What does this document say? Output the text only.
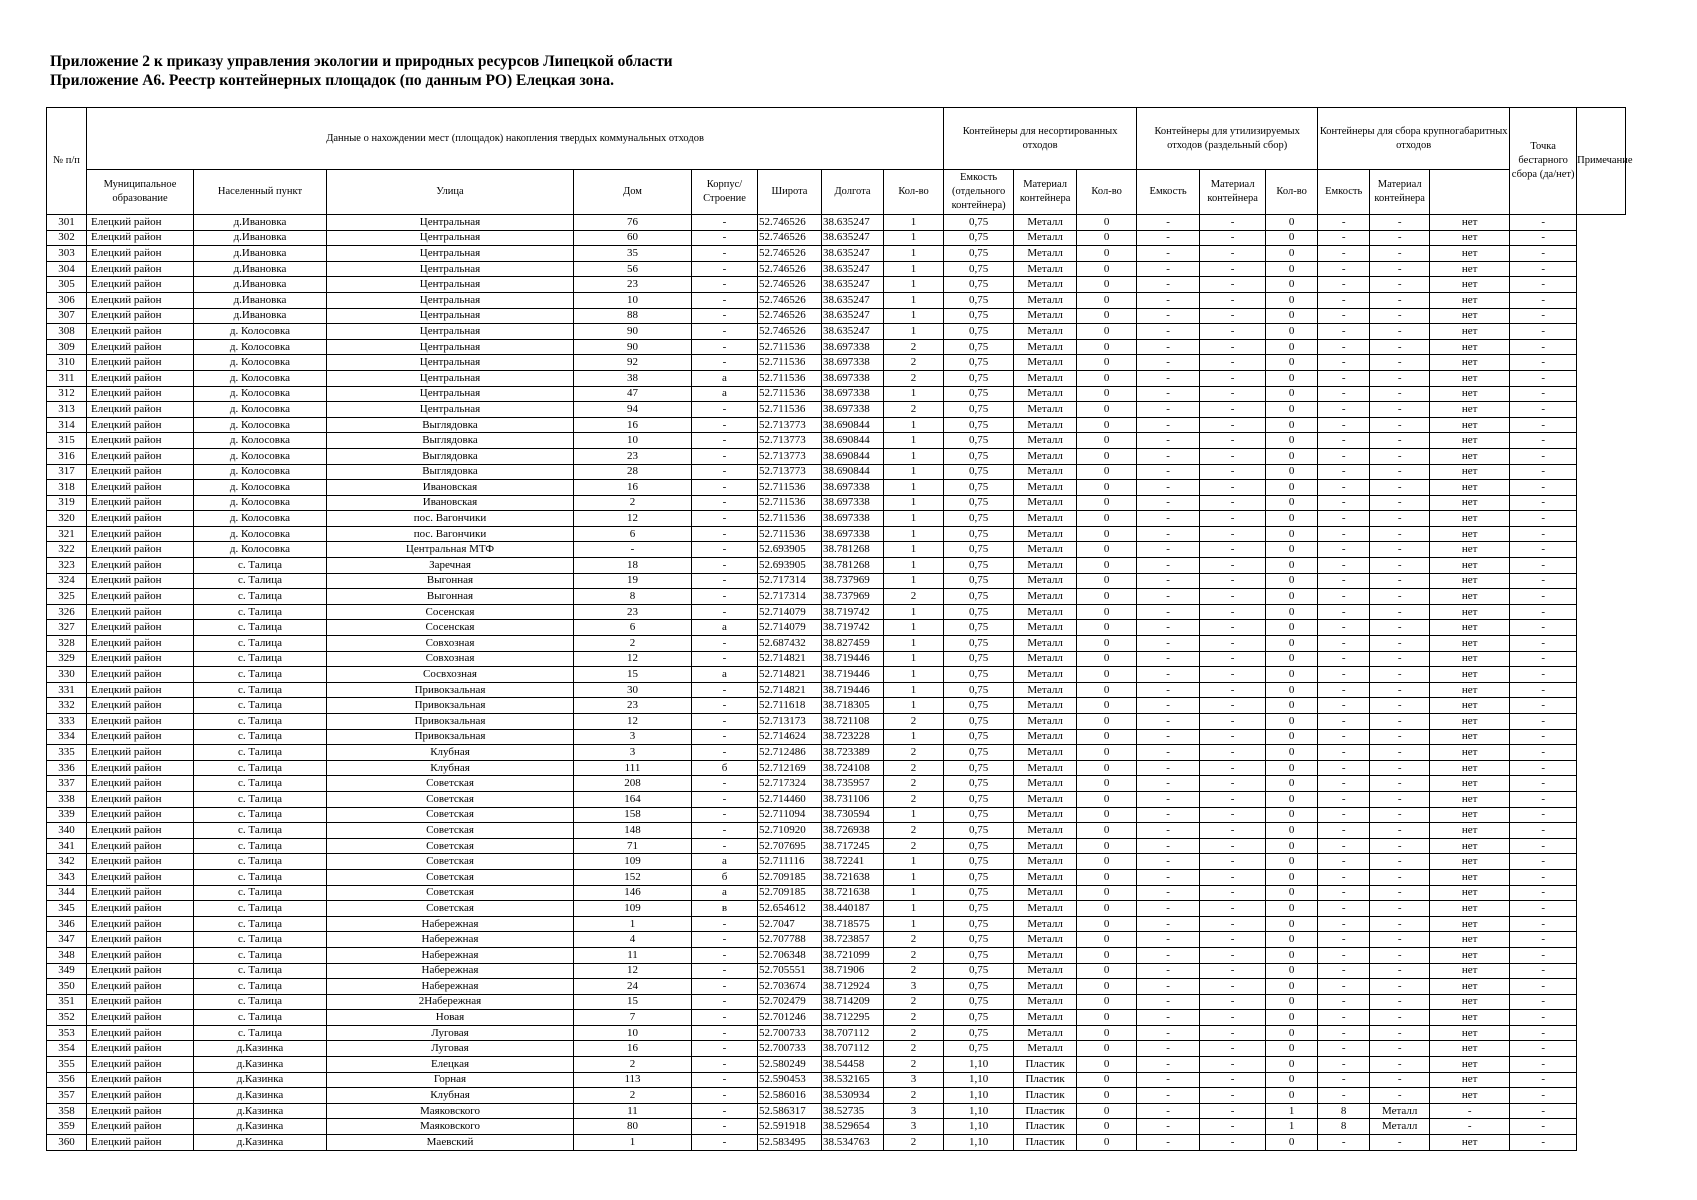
Приложение 2 к приказу управления экологии и природных ресурсов Липецкой области
Приложение А6. Реестр контейнерных площадок (по данным РО) Елецкая зона.
№ п/п	Данные о нахождении мест (площадок) накопления твердых коммунальных отходов								Контейнеры для несортированных отходов			Контейнеры для утилизируемых отходов (раздельный сбор)			Контейнеры для сбора крупногабаритных отходов			Точка бестарного сбора (да/нет)	Примечание
	Муниципальное образование	Населенный пункт	Улица	Дом	Корпус/ Строение	Широта	Долгота	Кол-во	Емкость (отдельного контейнера)	Материал контейнера	Кол-во	Емкость	Материал контейнера	Кол-во	Емкость	Материал контейнера			
301	Елецкий район	д.Ивановка	Центральная	76	-	52.746526	38.635247	1	0,75	Металл	0	-	-	0	-	-	нет	-	
302	Елецкий район	д.Ивановка	Центральная	60	-	52.746526	38.635247	1	0,75	Металл	0	-	-	0	-	-	нет	-	
303	Елецкий район	д.Ивановка	Центральная	35	-	52.746526	38.635247	1	0,75	Металл	0	-	-	0	-	-	нет	-	
304	Елецкий район	д.Ивановка	Центральная	56	-	52.746526	38.635247	1	0,75	Металл	0	-	-	0	-	-	нет	-	
305	Елецкий район	д.Ивановка	Центральная	23	-	52.746526	38.635247	1	0,75	Металл	0	-	-	0	-	-	нет	-	
306	Елецкий район	д.Ивановка	Центральная	10	-	52.746526	38.635247	1	0,75	Металл	0	-	-	0	-	-	нет	-	
307	Елецкий район	д.Ивановка	Центральная	88	-	52.746526	38.635247	1	0,75	Металл	0	-	-	0	-	-	нет	-	
308	Елецкий район	д. Колосовка	Центральная	90	-	52.746526	38.635247	1	0,75	Металл	0	-	-	0	-	-	нет	-	
309	Елецкий район	д. Колосовка	Центральная	90	-	52.711536	38.697338	2	0,75	Металл	0	-	-	0	-	-	нет	-	
310	Елецкий район	д. Колосовка	Центральная	92	-	52.711536	38.697338	2	0,75	Металл	0	-	-	0	-	-	нет	-	
311	Елецкий район	д. Колосовка	Центральная	38	а	52.711536	38.697338	2	0,75	Металл	0	-	-	0	-	-	нет	-	
312	Елецкий район	д. Колосовка	Центральная	47	а	52.711536	38.697338	1	0,75	Металл	0	-	-	0	-	-	нет	-	
313	Елецкий район	д. Колосовка	Центральная	94	-	52.711536	38.697338	2	0,75	Металл	0	-	-	0	-	-	нет	-	
314	Елецкий район	д. Колосовка	Выглядовка	16	-	52.713773	38.690844	1	0,75	Металл	0	-	-	0	-	-	нет	-	
315	Елецкий район	д. Колосовка	Выглядовка	10	-	52.713773	38.690844	1	0,75	Металл	0	-	-	0	-	-	нет	-	
316	Елецкий район	д. Колосовка	Выглядовка	23	-	52.713773	38.690844	1	0,75	Металл	0	-	-	0	-	-	нет	-	
317	Елецкий район	д. Колосовка	Выглядовка	28	-	52.713773	38.690844	1	0,75	Металл	0	-	-	0	-	-	нет	-	
318	Елецкий район	д. Колосовка	Ивановская	16	-	52.711536	38.697338	1	0,75	Металл	0	-	-	0	-	-	нет	-	
319	Елецкий район	д. Колосовка	Ивановская	2	-	52.711536	38.697338	1	0,75	Металл	0	-	-	0	-	-	нет	-	
320	Елецкий район	д. Колосовка	пос. Вагончики	12	-	52.711536	38.697338	1	0,75	Металл	0	-	-	0	-	-	нет	-	
321	Елецкий район	д. Колосовка	пос. Вагончики	6	-	52.711536	38.697338	1	0,75	Металл	0	-	-	0	-	-	нет	-	
322	Елецкий район	д. Колосовка	Центральная МТФ	-	-	52.693905	38.781268	1	0,75	Металл	0	-	-	0	-	-	нет	-	
323	Елецкий район	с. Талица	Заречная	18	-	52.693905	38.781268	1	0,75	Металл	0	-	-	0	-	-	нет	-	
324	Елецкий район	с. Талица	Выгонная	19	-	52.717314	38.737969	1	0,75	Металл	0	-	-	0	-	-	нет	-	
325	Елецкий район	с. Талица	Выгонная	8	-	52.717314	38.737969	2	0,75	Металл	0	-	-	0	-	-	нет	-	
326	Елецкий район	с. Талица	Сосенская	23	-	52.714079	38.719742	1	0,75	Металл	0	-	-	0	-	-	нет	-	
327	Елецкий район	с. Талица	Сосенская	6	а	52.714079	38.719742	1	0,75	Металл	0	-	-	0	-	-	нет	-	
328	Елецкий район	с. Талица	Совхозная	2	-	52.687432	38.827459	1	0,75	Металл	0	-	-	0	-	-	нет	-	
329	Елецкий район	с. Талица	Совхозная	12	-	52.714821	38.719446	1	0,75	Металл	0	-	-	0	-	-	нет	-	
330	Елецкий район	с. Талица	Сосвхозная	15	а	52.714821	38.719446	1	0,75	Металл	0	-	-	0	-	-	нет	-	
331	Елецкий район	с. Талица	Привокзальная	30	-	52.714821	38.719446	1	0,75	Металл	0	-	-	0	-	-	нет	-	
332	Елецкий район	с. Талица	Привокзальная	23	-	52.711618	38.718305	1	0,75	Металл	0	-	-	0	-	-	нет	-	
333	Елецкий район	с. Талица	Привокзальная	12	-	52.713173	38.721108	2	0,75	Металл	0	-	-	0	-	-	нет	-	
334	Елецкий район	с. Талица	Привокзальная	3	-	52.714624	38.723228	1	0,75	Металл	0	-	-	0	-	-	нет	-	
335	Елецкий район	с. Талица	Клубная	3	-	52.712486	38.723389	2	0,75	Металл	0	-	-	0	-	-	нет	-	
336	Елецкий район	с. Талица	Клубная	111	б	52.712169	38.724108	2	0,75	Металл	0	-	-	0	-	-	нет	-	
337	Елецкий район	с. Талица	Советская	208	-	52.717324	38.735957	2	0,75	Металл	0	-	-	0	-	-	нет	-	
338	Елецкий район	с. Талица	Советская	164	-	52.714460	38.731106	2	0,75	Металл	0	-	-	0	-	-	нет	-	
339	Елецкий район	с. Талица	Советская	158	-	52.711094	38.730594	1	0,75	Металл	0	-	-	0	-	-	нет	-	
340	Елецкий район	с. Талица	Советская	148	-	52.710920	38.726938	2	0,75	Металл	0	-	-	0	-	-	нет	-	
341	Елецкий район	с. Талица	Советская	71	-	52.707695	38.717245	2	0,75	Металл	0	-	-	0	-	-	нет	-	
342	Елецкий район	с. Талица	Советская	109	а	52.711116	38.72241	1	0,75	Металл	0	-	-	0	-	-	нет	-	
343	Елецкий район	с. Талица	Советская	152	б	52.709185	38.721638	1	0,75	Металл	0	-	-	0	-	-	нет	-	
344	Елецкий район	с. Талица	Советская	146	а	52.709185	38.721638	1	0,75	Металл	0	-	-	0	-	-	нет	-	
345	Елецкий район	с. Талица	Советская	109	в	52.654612	38.440187	1	0,75	Металл	0	-	-	0	-	-	нет	-	
346	Елецкий район	с. Талица	Набережная	1	-	52.7047	38.718575	1	0,75	Металл	0	-	-	0	-	-	нет	-	
347	Елецкий район	с. Талица	Набережная	4	-	52.707788	38.723857	2	0,75	Металл	0	-	-	0	-	-	нет	-	
348	Елецкий район	с. Талица	Набережная	11	-	52.706348	38.721099	2	0,75	Металл	0	-	-	0	-	-	нет	-	
349	Елецкий район	с. Талица	Набережная	12	-	52.705551	38.71906	2	0,75	Металл	0	-	-	0	-	-	нет	-	
350	Елецкий район	с. Талица	Набережная	24	-	52.703674	38.712924	3	0,75	Металл	0	-	-	0	-	-	нет	-	
351	Елецкий район	с. Талица	2Набережная	15	-	52.702479	38.714209	2	0,75	Металл	0	-	-	0	-	-	нет	-	
352	Елецкий район	с. Талица	Новая	7	-	52.701246	38.712295	2	0,75	Металл	0	-	-	0	-	-	нет	-	
353	Елецкий район	с. Талица	Луговая	10	-	52.700733	38.707112	2	0,75	Металл	0	-	-	0	-	-	нет	-	
354	Елецкий район	д.Казинка	Луговая	16	-	52.700733	38.707112	2	0,75	Металл	0	-	-	0	-	-	нет	-	
355	Елецкий район	д.Казинка	Елецкая	2	-	52.580249	38.54458	2	1,10	Пластик	0	-	-	0	-	-	нет	-	
356	Елецкий район	д.Казинка	Горная	113	-	52.590453	38.532165	3	1,10	Пластик	0	-	-	0	-	-	нет	-	
357	Елецкий район	д.Казинка	Клубная	2	-	52.586016	38.530934	2	1,10	Пластик	0	-	-	0	-	-	нет	-	
358	Елецкий район	д.Казинка	Маяковского	11	-	52.586317	38.52735	3	1,10	Пластик	0	-	-	1	8	Металл	-	-	
359	Елецкий район	д.Казинка	Маяковского	80	-	52.591918	38.529654	3	1,10	Пластик	0	-	-	1	8	Металл	-	-	
360	Елецкий район	д.Казинка	Маевский	1	-	52.583495	38.534763	2	1,10	Пластик	0	-	-	0	-	-	нет	-	
